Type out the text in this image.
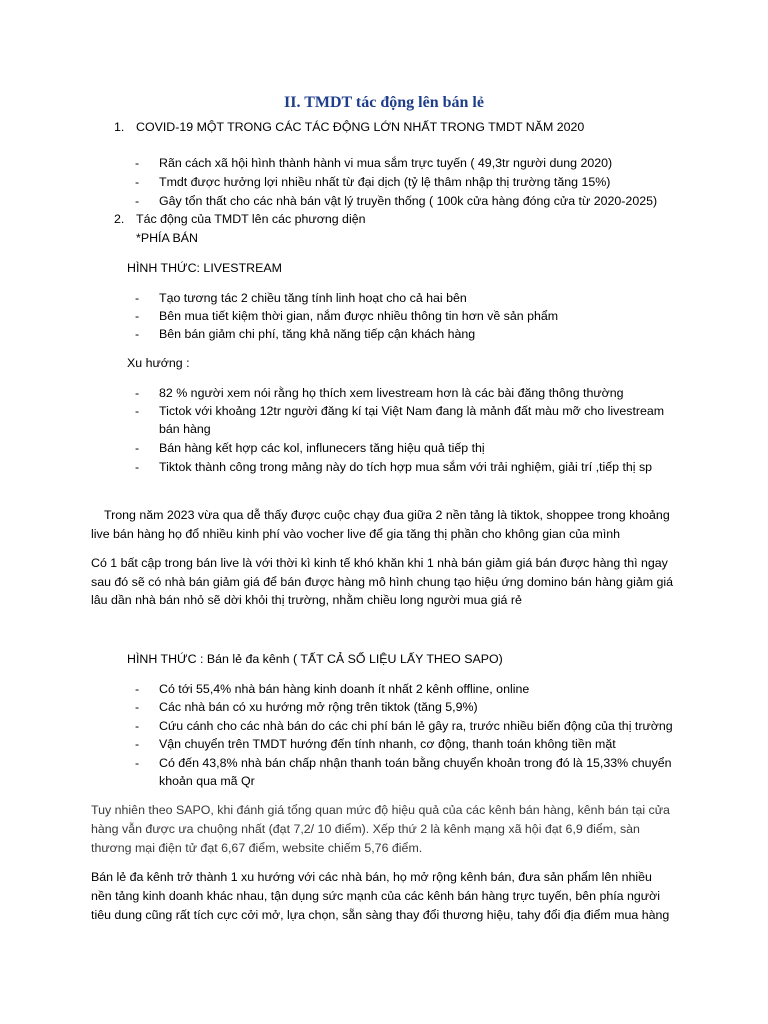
II. TMDT tác động lên bán lẻ
1. COVID-19 MỘT TRONG CÁC TÁC ĐỘNG LỚN NHẤT TRONG TMDT NĂM 2020
- Rãn cách xã hội hình thành hành vi mua sắm trực tuyến ( 49,3tr người dung 2020)
- Tmdt được hưởng lợi nhiều nhất từ đại dịch (tỷ lệ thâm nhập thị trường tăng 15%)
- Gây tổn thất cho các nhà bán vật lý truyền thống ( 100k cửa hàng đóng cửa từ 2020-2025)
2. Tác động của TMDT lên các phương diện
*PHÍA BÁN
HÌNH THỨC: LIVESTREAM
- Tạo tương tác 2 chiều tăng tính linh hoạt cho cả hai bên
- Bên mua tiết kiệm thời gian, nắm được nhiều thông tin hơn về sản phẩm
- Bên bán giảm chi phí, tăng khả năng tiếp cận khách hàng
Xu hướng :
- 82 % người xem nói rằng họ thích xem livestream hơn là các bài đăng thông thường
- Tictok với khoảng 12tr người đăng kí tại Việt Nam đang là mảnh đất màu mỡ cho livestream
bán hàng
- Bán hàng kết hợp các kol, influnecers tăng hiệu quả tiếp thị
- Tiktok thành công trong mảng này do tích hợp mua sắm với trải nghiệm, giải trí ,tiếp thị sp
Trong năm 2023 vừa qua dễ thấy được cuộc chạy đua giữa 2 nền tảng là tiktok, shoppee trong khoảng
live bán hàng họ đổ nhiều kinh phí vào vocher live để gia tăng thị phần cho không gian của mình
Có 1 bất cập trong bán live là với thời kì kinh tế khó khăn khi 1 nhà bán giảm giá bán được hàng thì ngay
sau đó sẽ có nhà bán giảm giá để bán được hàng mô hình chung tạo hiệu ứng domino bán hàng giảm giá
lâu dần nhà bán nhỏ sẽ dời khỏi thị trường, nhằm chiều long người mua giá rẻ
HÌNH THỨC : Bán lẻ đa kênh ( TẤT CẢ SỐ LIỆU LẤY THEO SAPO)
- Có tới 55,4% nhà bán hàng kinh doanh ít nhất 2 kênh offline, online
- Các nhà bán có xu hướng mở rộng trên tiktok (tăng 5,9%)
- Cứu cánh cho các nhà bán do các chi phí bán lẻ gây ra, trước nhiều biến động của thị trường
- Vận chuyển trên TMDT hướng đến tính nhanh, cơ động, thanh toán không tiền mặt
- Có đến 43,8% nhà bán chấp nhận thanh toán bằng chuyển khoản trong đó là 15,33% chuyển
khoản qua mã Qr
Tuy nhiên theo SAPO, khi đánh giá tổng quan mức độ hiệu quả của các kênh bán hàng, kênh bán tại cửa
hàng vẫn được ưa chuộng nhất (đạt 7,2/ 10 điểm). Xếp thứ 2 là kênh mạng xã hội đạt 6,9 điểm, sàn
thương mại điện tử đạt 6,67 điểm, website chiếm 5,76 điểm.
Bán lẻ đa kênh trở thành 1 xu hướng với các nhà bán, họ mở rộng kênh bán, đưa sản phẩm lên nhiều
nền tảng kinh doanh khác nhau, tận dụng sức mạnh của các kênh bán hàng trực tuyến, bên phía người
tiêu dung cũng rất tích cực cởi mở, lựa chọn, sẵn sàng thay đổi thương hiệu, tahy đổi địa điểm mua hàng
